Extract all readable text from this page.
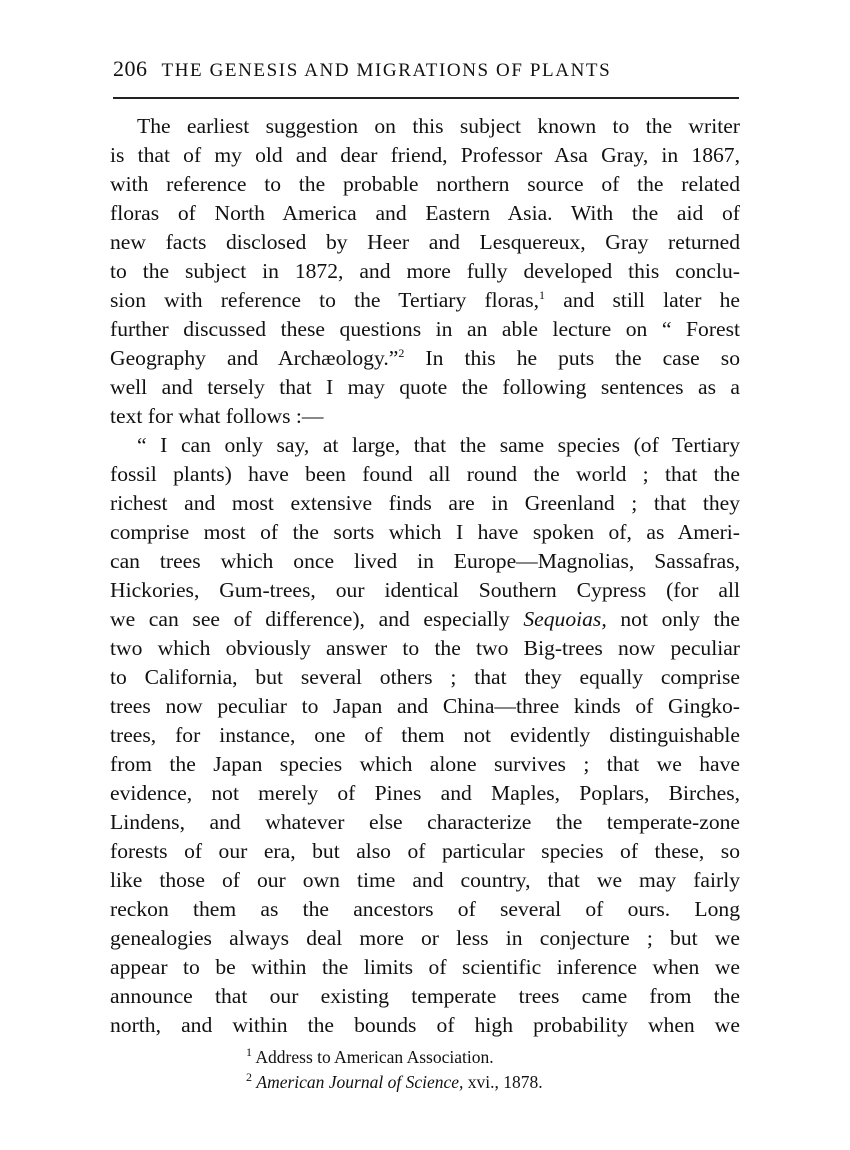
206 THE GENESIS AND MIGRATIONS OF PLANTS
The earliest suggestion on this subject known to the writer
is that of my old and dear friend, Professor Asa Gray, in 1867,
with reference to the probable northern source of the related
floras of North America and Eastern Asia. With the aid of
new facts disclosed by Heer and Lesquereux, Gray returned
to the subject in 1872, and more fully developed this conclu-
sion with reference to the Tertiary floras,$^1$ and still later he
further discussed these questions in an able lecture on “ Forest
Geography and Archæology.”$^2$ In this he puts the case so
well and tersely that I may quote the following sentences as a
text for what follows :—
“ I can only say, at large, that the same species (of Tertiary
fossil plants) have been found all round the world ; that the
richest and most extensive finds are in Greenland ; that they
comprise most of the sorts which I have spoken of, as Ameri-
can trees which once lived in Europe—Magnolias, Sassafras,
Hickories, Gum-trees, our identical Southern Cypress (for all
we can see of difference), and especially Sequoias, not only the
two which obviously answer to the two Big-trees now peculiar
to California, but several others ; that they equally comprise
trees now peculiar to Japan and China—three kinds of Gingko-
trees, for instance, one of them not evidently distinguishable
from the Japan species which alone survives ; that we have
evidence, not merely of Pines and Maples, Poplars, Birches,
Lindens, and whatever else characterize the temperate-zone
forests of our era, but also of particular species of these, so
like those of our own time and country, that we may fairly
reckon them as the ancestors of several of ours. Long
genealogies always deal more or less in conjecture ; but we
appear to be within the limits of scientific inference when we
announce that our existing temperate trees came from the
north, and within the bounds of high probability when we
$^1$ Address to American Association.
$^2$ American Journal of Science, xvi., 1878.
